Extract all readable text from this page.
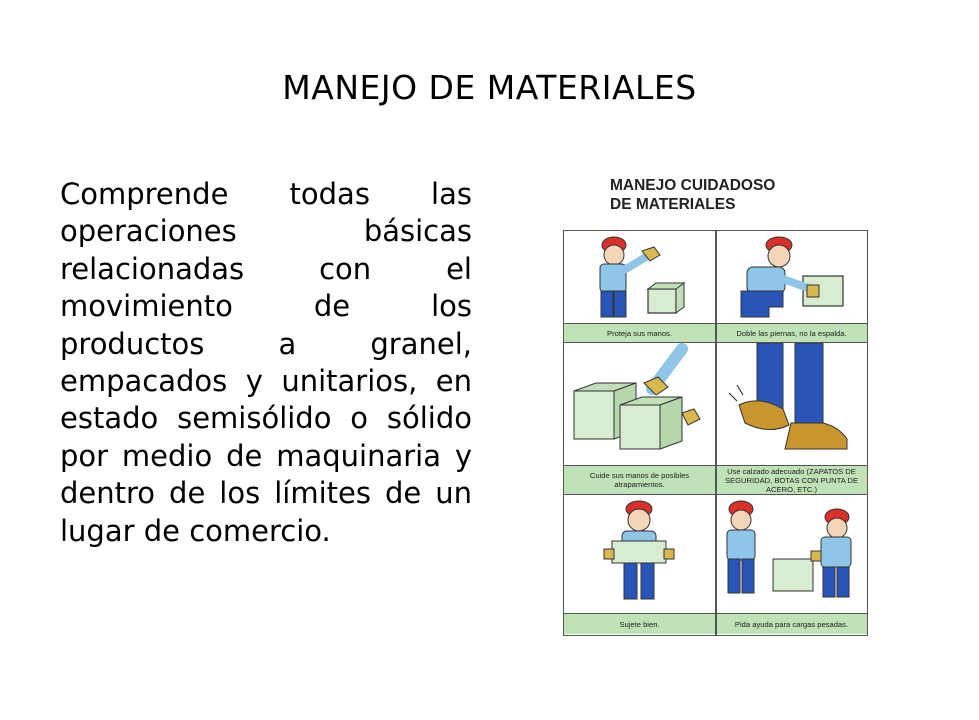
MANEJO DE MATERIALES

Comprende todas las operaciones básicas relacionadas con el movimiento de los productos a granel, empacados y unitarios, en estado semisólido o sólido por medio de maquinaria y dentro de los límites de un lugar de comercio.

MANEJO CUIDADOSO
DE MATERIALES
Proteja sus manos.	Doble las piernas, no la espalda.
Cuide sus manos de posibles atrapamientos.
Use calzado adecuado (ZAPATOS DE SEGURIDAD, BOTAS CON PUNTA DE ACERO, ETC.)
Sujete bien.	Pida ayuda para cargas pesadas.
